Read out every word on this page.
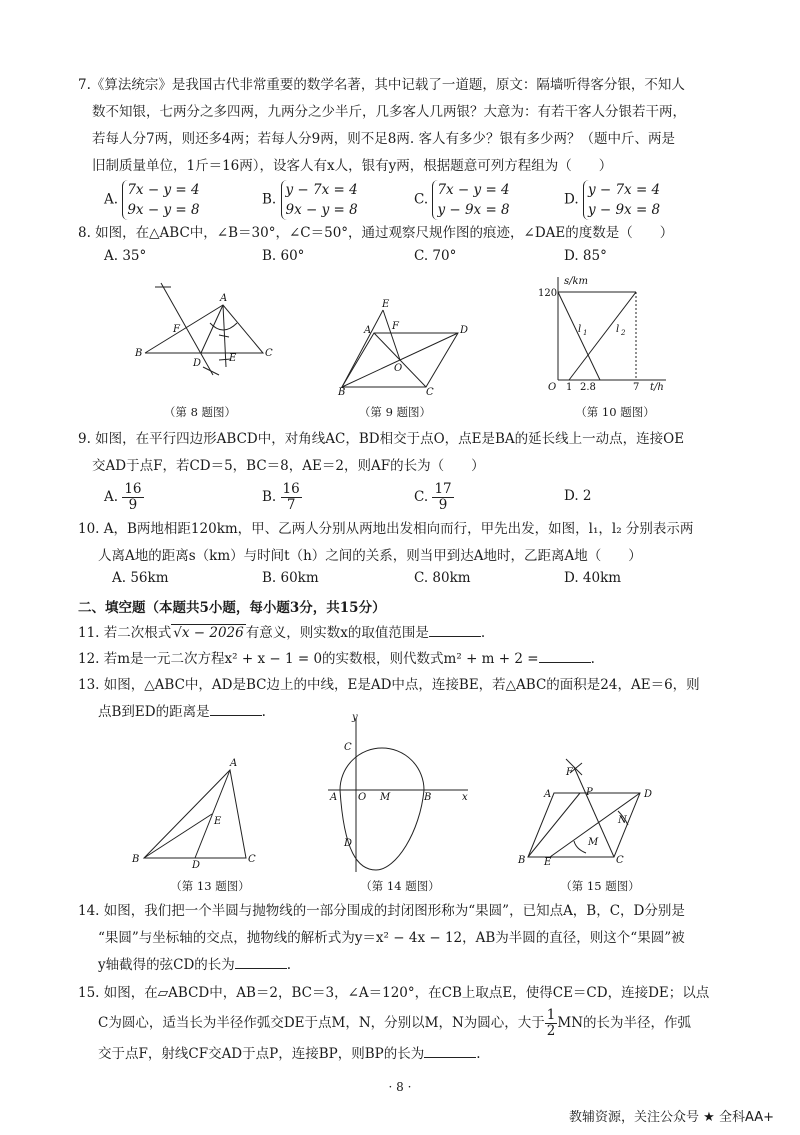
7.《算法统宗》是我国古代非常重要的数学名著，其中记载了一道题，原文：隔墙听得客分银，不知人
数不知银，七两分之多四两，九两分之少半斤，几多客人几两银？大意为：有若干客人分银若干两，
若每人分7两，则还多4两；若每人分9两，则不足8两. 客人有多少？银有多少两？（题中斤、两是
旧制质量单位，1斤＝16两），设客人有x人，银有y两，根据题意可列方程组为（　　）
A.
7x − y = 4
9x − y = 8
B.
y − 7x = 4
9x − y = 8
C.
7x − y = 4
y − 9x = 8
D.
y − 7x = 4
y − 9x = 8
8. 如图，在△ABC中，∠B＝30°，∠C＝50°，通过观察尺规作图的痕迹，∠DAE的度数是（　　）
A. 35°	B. 60°	C. 70°	D. 85°
A
B	C
D	E
F
（第 8 题图）
E
A F	D
O
B	C
（第 9 题图）
s/km
120
O 1 2.8	7 t/h
l 1	l 2
（第 10 题图）
9. 如图，在平行四边形ABCD中，对角线AC，BD相交于点O，点E是BA的延长线上一动点，连接OE
交AD于点F，若CD＝5，BC＝8，AE＝2，则AF的长为（　　）
A. $\frac{16}{9}$	B. $\frac{16}{7}$	C. $\frac{17}{9}$	D. 2
10. A，B两地相距120km，甲、乙两人分别从两地出发相向而行，甲先出发，如图，l₁，l₂ 分别表示两
人离A地的距离s（km）与时间t（h）之间的关系，则当甲到达A地时，乙距离A地（　　）
A. 56km	B. 60km	C. 80km	D. 40km
二、填空题（本题共5小题，每小题3分，共15分）
11. 若二次根式 √x − 2026 有意义，则实数x的取值范围是	.
12. 若m是一元二次方程x² + x − 1 = 0的实数根，则代数式m² + m + 2 =	.
13. 如图，△ABC中，AD是BC边上的中线，E是AD中点，连接BE，若△ABC的面积是24，AE＝6，则
点B到ED的距离是	.
A
E
B
D
C
（第 13 题图）
y
x
C
A O M	B
D
（第 14 题图）
F
A	P	D
N
M
B E	C
（第 15 题图）
14. 如图，我们把一个半圆与抛物线的一部分围成的封闭图形称为“果圆”，已知点A，B，C，D分别是
“果圆”与坐标轴的交点，抛物线的解析式为y＝x² − 4x − 12，AB为半圆的直径，则这个“果圆”被
y轴截得的弦CD的长为	.
15. 如图，在▱ABCD中，AB＝2，BC＝3，∠A＝120°，在CB上取点E，使得CE＝CD，连接DE；以点
C为圆心，适当长为半径作弧交DE于点M，N，分别以M，N为圆心，大于 $\frac{1}{2}$ MN的长为半径，作弧
交于点F，射线CF交AD于点P，连接BP，则BP的长为	.
· 8 ·
教辅资源，关注公众号 ★ 全科AA+
